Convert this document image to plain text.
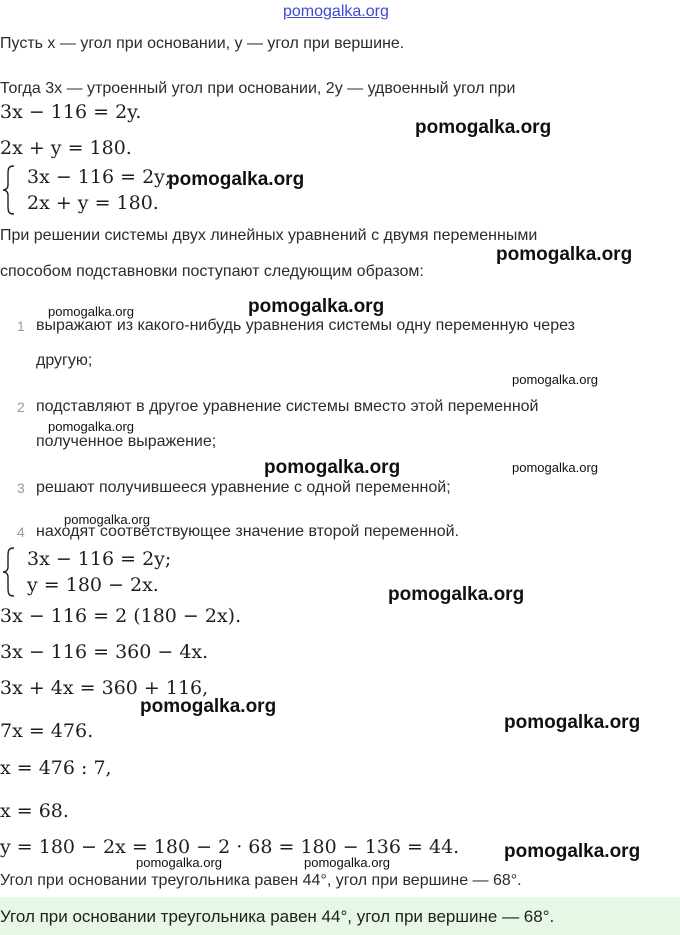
pomogalka.org
Пусть x — угол при основании, y — угол при вершине.
Тогда 3x — утроенный угол при основании, 2y — удвоенный угол при
3x − 116 = 2y.
2x + y = 180.
3x − 116 = 2y;
2x + y = 180.
При решении системы двух линейных уравнений с двумя переменными
способом подставновки поступают следующим образом:
1 выражают из какого-нибудь уравнения системы одну переменную через
другую;
2 подставляют в другое уравнение системы вместо этой переменной
полученное выражение;
3 решают получившееся уравнение с одной переменной;
4 находят соответствующее значение второй переменной.
3x − 116 = 2y;
y = 180 − 2x.
3x − 116 = 2 (180 − 2x).
3x − 116 = 360 − 4x.
3x + 4x = 360 + 116,
7x = 476.
x = 476 : 7,
x = 68.
y = 180 − 2x = 180 − 2 · 68 = 180 − 136 = 44.
Угол при основании треугольника равен 44°, угол при вершине — 68°.
Угол при основании треугольника равен 44°, угол при вершине — 68°.
pomogalka.org
pomogalka.org
pomogalka.org
pomogalka.org	pomogalka.org
pomogalka.org
pomogalka.org
pomogalka.org	pomogalka.org
pomogalka.org
pomogalka.org
pomogalka.org
pomogalka.org
pomogalka.org	pomogalka.org
pomogalka.org
